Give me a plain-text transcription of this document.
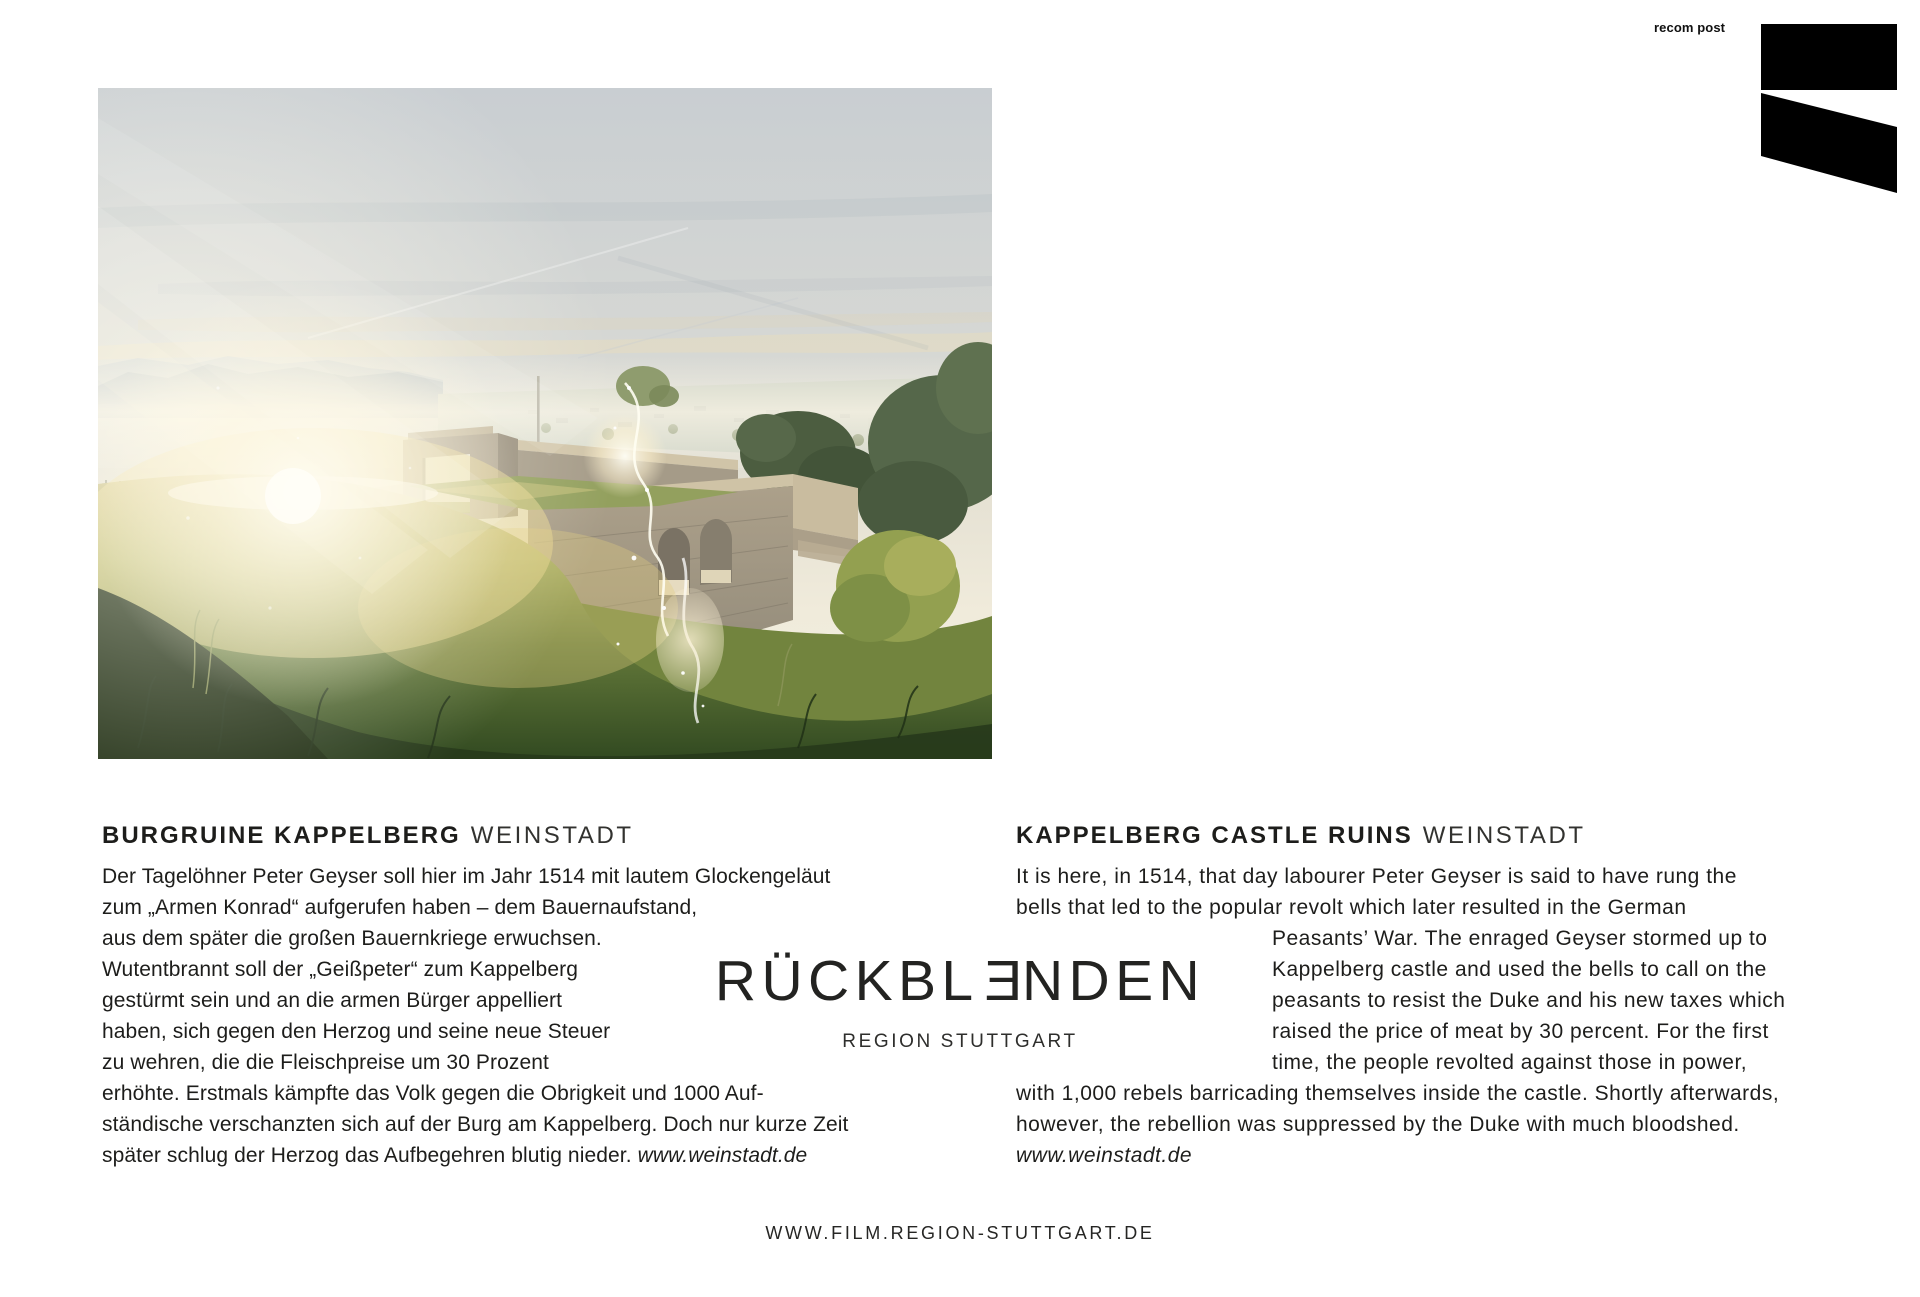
recom post
BURGRUINE KAPPELBERG WEINSTADT
Der Tagelöhner Peter Geyser soll hier im Jahr 1514 mit lautem Glockengeläut
zum „Armen Konrad“ aufgerufen haben – dem Bauernaufstand,
aus dem später die großen Bauernkriege erwuchsen.
Wutentbrannt soll der „Geißpeter“ zum Kappelberg
gestürmt sein und an die armen Bürger appelliert
haben, sich gegen den Herzog und seine neue Steuer
zu wehren, die die Fleischpreise um 30 Prozent
erhöhte. Erstmals kämpfte das Volk gegen die Obrigkeit und 1000 Auf-
ständische verschanzten sich auf der Burg am Kappelberg. Doch nur kurze Zeit
später schlug der Herzog das Aufbegehren blutig nieder. www.weinstadt.de
KAPPELBERG CASTLE RUINS WEINSTADT
It is here, in 1514, that day labourer Peter Geyser is said to have rung the
bells that led to the popular revolt which later resulted in the German
Peasants’ War. The enraged Geyser stormed up to
Kappelberg castle and used the bells to call on the
peasants to resist the Duke and his new taxes which
raised the price of meat by 30 percent. For the first
time, the people revolted against those in power,
with 1,000 rebels barricading themselves inside the castle. Shortly afterwards,
however, the rebellion was suppressed by the Duke with much bloodshed.
www.weinstadt.de
RÜCKBLENDEN
REGION STUTTGART
WWW.FILM.REGION-STUTTGART.DE
